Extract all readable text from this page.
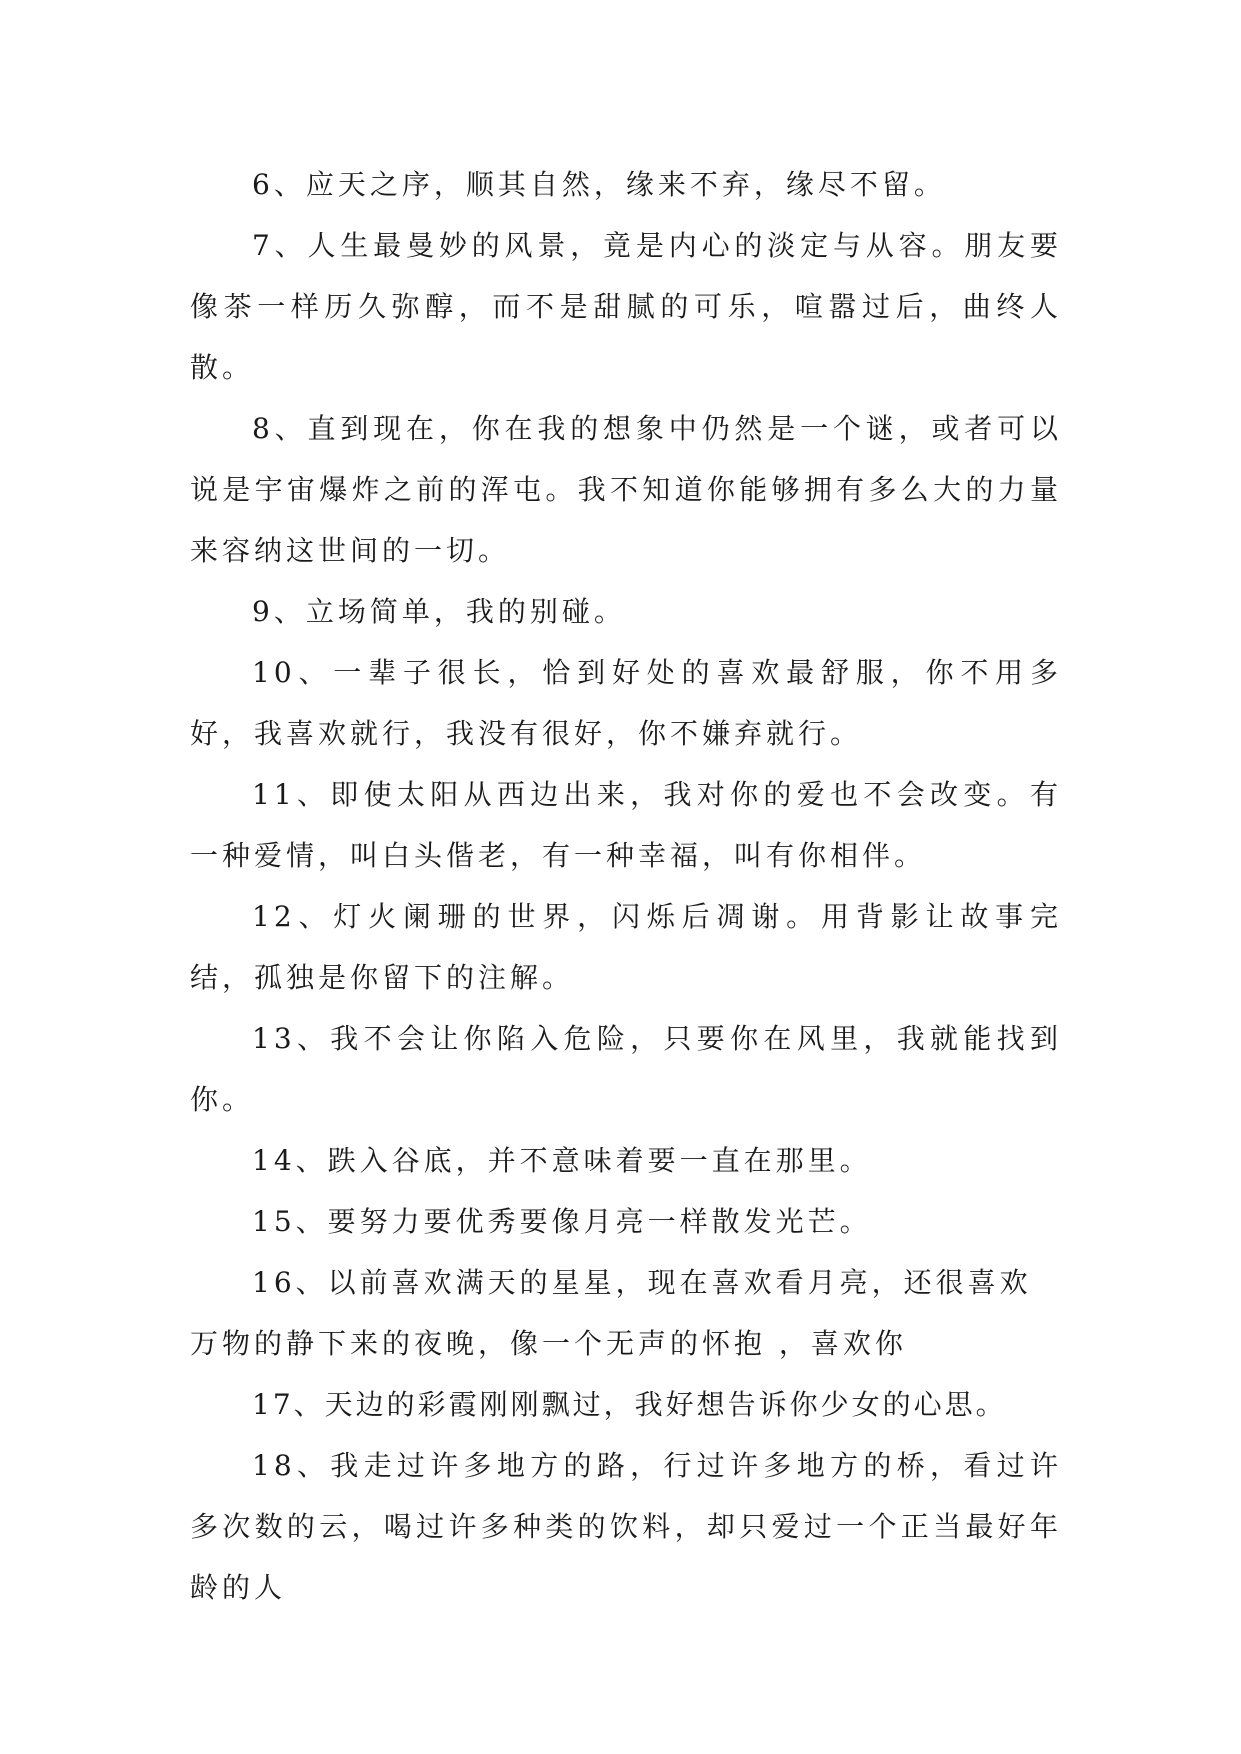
6、应天之序，顺其自然，缘来不弃，缘尽不留。

7、人生最曼妙的风景，竟是内心的淡定与从容。朋友要像茶一样历久弥醇，而不是甜腻的可乐，喧嚣过后，曲终人散。

8、直到现在，你在我的想象中仍然是一个谜，或者可以说是宇宙爆炸之前的浑屯。我不知道你能够拥有多么大的力量来容纳这世间的一切。

9、立场简单，我的别碰。

10、一辈子很长，恰到好处的喜欢最舒服，你不用多好，我喜欢就行，我没有很好，你不嫌弃就行。

11、即使太阳从西边出来，我对你的爱也不会改变。有一种爱情，叫白头偕老，有一种幸福，叫有你相伴。

12、灯火阑珊的世界，闪烁后凋谢。用背影让故事完结，孤独是你留下的注解。

13、我不会让你陷入危险，只要你在风里，我就能找到你。

14、跌入谷底，并不意味着要一直在那里。

15、要努力要优秀要像月亮一样散发光芒。

16、以前喜欢满天的星星，现在喜欢看月亮，还很喜欢万物的静下来的夜晚，像一个无声的怀抱 ，喜欢你

17、天边的彩霞刚刚飘过，我好想告诉你少女的心思。

18、我走过许多地方的路，行过许多地方的桥，看过许多次数的云，喝过许多种类的饮料，却只爱过一个正当最好年龄的人
